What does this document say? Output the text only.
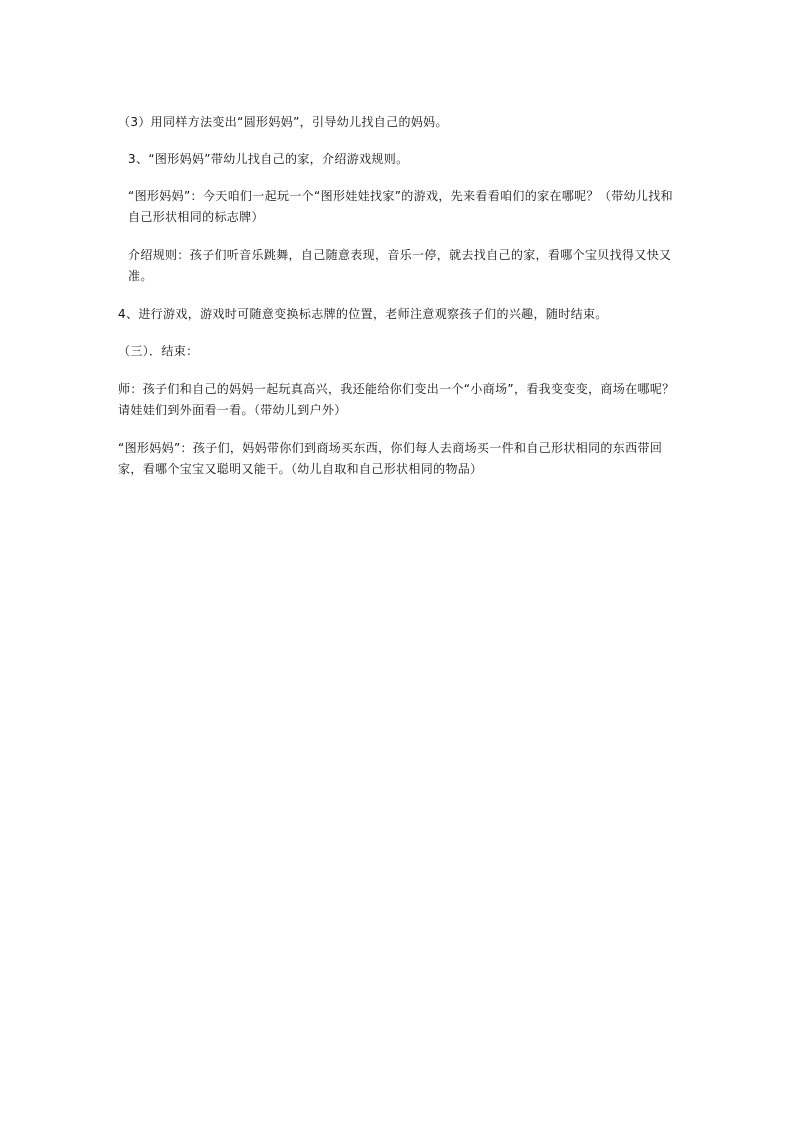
（3）用同样方法变出“圆形妈妈”，引导幼儿找自己的妈妈。

3、“图形妈妈”带幼儿找自己的家，介绍游戏规则。

“图形妈妈”：今天咱们一起玩一个“图形娃娃找家”的游戏，先来看看咱们的家在哪呢？（带幼儿找和自己形状相同的标志牌）

介绍规则：孩子们听音乐跳舞，自己随意表现，音乐一停，就去找自己的家，看哪个宝贝找得又快又准。

4、进行游戏，游戏时可随意变换标志牌的位置，老师注意观察孩子们的兴趣，随时结束。

（三）．结束：

师：孩子们和自己的妈妈一起玩真高兴，我还能给你们变出一个“小商场”，看我变变变，商场在哪呢？请娃娃们到外面看一看。（带幼儿到户外）

“图形妈妈”：孩子们，妈妈带你们到商场买东西，你们每人去商场买一件和自己形状相同的东西带回家，看哪个宝宝又聪明又能干。（幼儿自取和自己形状相同的物品）
